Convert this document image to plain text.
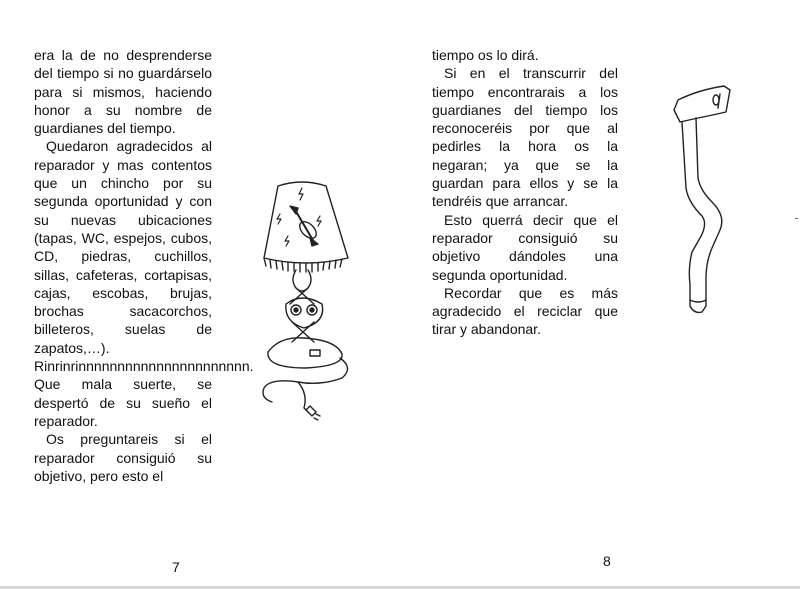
era la de no desprenderse del tiempo si no guardárselo para si mismos, haciendo honor a su nombre de guardianes del tiempo.

Quedaron agradecidos al reparador y mas contentos que un chincho por su segunda oportunidad y con su nuevas ubicaciones (tapas, WC, espejos, cubos, CD, piedras, cuchillos, sillas, cafeteras, cortapisas, cajas, escobas, brujas, brochas sacacorchos, billeteros, suelas de zapatos,…). Rinrinrinnnnnnnnnnnnnnnnnnnnnn. Que mala suerte, se despertó de su sueño el reparador.

Os preguntareis si el reparador consiguió su objetivo, pero esto el

tiempo os lo dirá.

Si en el transcurrir del tiempo encontrarais a los guardianes del tiempo los reconoceréis por que al pedirles la hora os la negaran; ya que se la guardan para ellos y se la tendréis que arrancar.

Esto querrá decir que el reparador consiguió su objetivo dándoles una segunda oportunidad.

Recordar que es más agradecido el reciclar que tirar y abandonar.

7	8
